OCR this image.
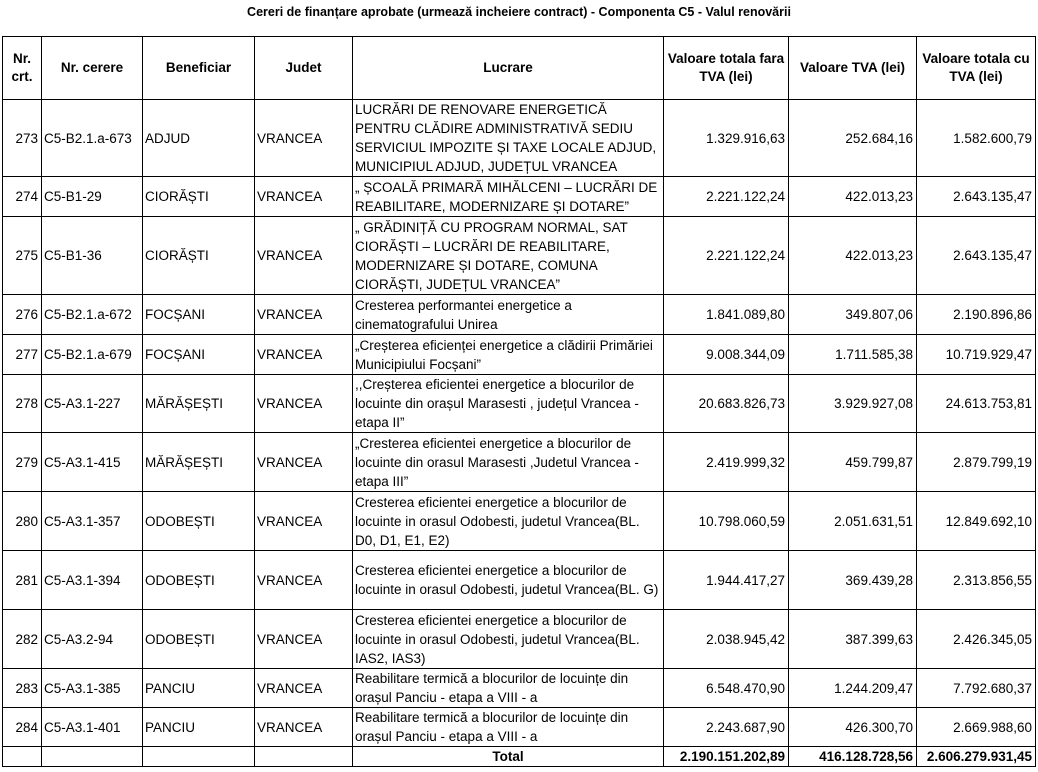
Cereri de finanțare aprobate (urmează incheiere contract) - Componenta C5 - Valul renovării
Nr. crt.	Nr. cerere	Beneficiar	Judet	Lucrare	Valoare totala fara TVA (lei)	Valoare TVA (lei)	Valoare totala cu TVA (lei)
273	C5-B2.1.a-673	ADJUD	VRANCEA	LUCRĂRI DE RENOVARE ENERGETICĂ PENTRU CLĂDIRE ADMINISTRATIVĂ SEDIU SERVICIUL IMPOZITE ȘI TAXE LOCALE ADJUD, MUNICIPIUL ADJUD, JUDEȚUL VRANCEA	1.329.916,63	252.684,16	1.582.600,79
274	C5-B1-29	CIORĂȘTI	VRANCEA	„ ȘCOALĂ PRIMARĂ MIHĂLCENI – LUCRĂRI DE REABILITARE, MODERNIZARE ȘI DOTARE”	2.221.122,24	422.013,23	2.643.135,47
275	C5-B1-36	CIORĂȘTI	VRANCEA	„ GRĂDINIȚĂ CU PROGRAM NORMAL, SAT CIORĂȘTI – LUCRĂRI DE REABILITARE, MODERNIZARE ȘI DOTARE, COMUNA CIORĂȘTI, JUDEȚUL VRANCEA”	2.221.122,24	422.013,23	2.643.135,47
276	C5-B2.1.a-672	FOCȘANI	VRANCEA	Cresterea performantei energetice a cinematografului Unirea	1.841.089,80	349.807,06	2.190.896,86
277	C5-B2.1.a-679	FOCȘANI	VRANCEA	„Creșterea eficienței energetice a clădirii Primăriei Municipiului Focșani”	9.008.344,09	1.711.585,38	10.719.929,47
278	C5-A3.1-227	MĂRĂȘEȘTI	VRANCEA	,,Creșterea eficientei energetice a blocurilor de locuinte din orașul Marasesti , județul Vrancea - etapa II”	20.683.826,73	3.929.927,08	24.613.753,81
279	C5-A3.1-415	MĂRĂȘEȘTI	VRANCEA	„Cresterea eficientei energetice a blocurilor de locuinte din orasul Marasesti ,Judetul Vrancea - etapa III”	2.419.999,32	459.799,87	2.879.799,19
280	C5-A3.1-357	ODOBEȘTI	VRANCEA	Cresterea eficientei energetice a blocurilor de locuinte in orasul Odobesti, judetul Vrancea(BL. D0, D1, E1, E2)	10.798.060,59	2.051.631,51	12.849.692,10
281	C5-A3.1-394	ODOBEȘTI	VRANCEA	Cresterea eficientei energetice a blocurilor de locuinte in orasul Odobesti, judetul Vrancea(BL. G)	1.944.417,27	369.439,28	2.313.856,55
282	C5-A3.2-94	ODOBEȘTI	VRANCEA	Cresterea eficientei energetice a blocurilor de locuinte in orasul Odobesti, judetul Vrancea(BL. IAS2, IAS3)	2.038.945,42	387.399,63	2.426.345,05
283	C5-A3.1-385	PANCIU	VRANCEA	Reabilitare termică a blocurilor de locuințe din orașul Panciu - etapa a VIII - a	6.548.470,90	1.244.209,47	7.792.680,37
284	C5-A3.1-401	PANCIU	VRANCEA	Reabilitare termică a blocurilor de locuințe din orașul Panciu - etapa a VIII - a	2.243.687,90	426.300,70	2.669.988,60
				Total	2.190.151.202,89	416.128.728,56	2.606.279.931,45
